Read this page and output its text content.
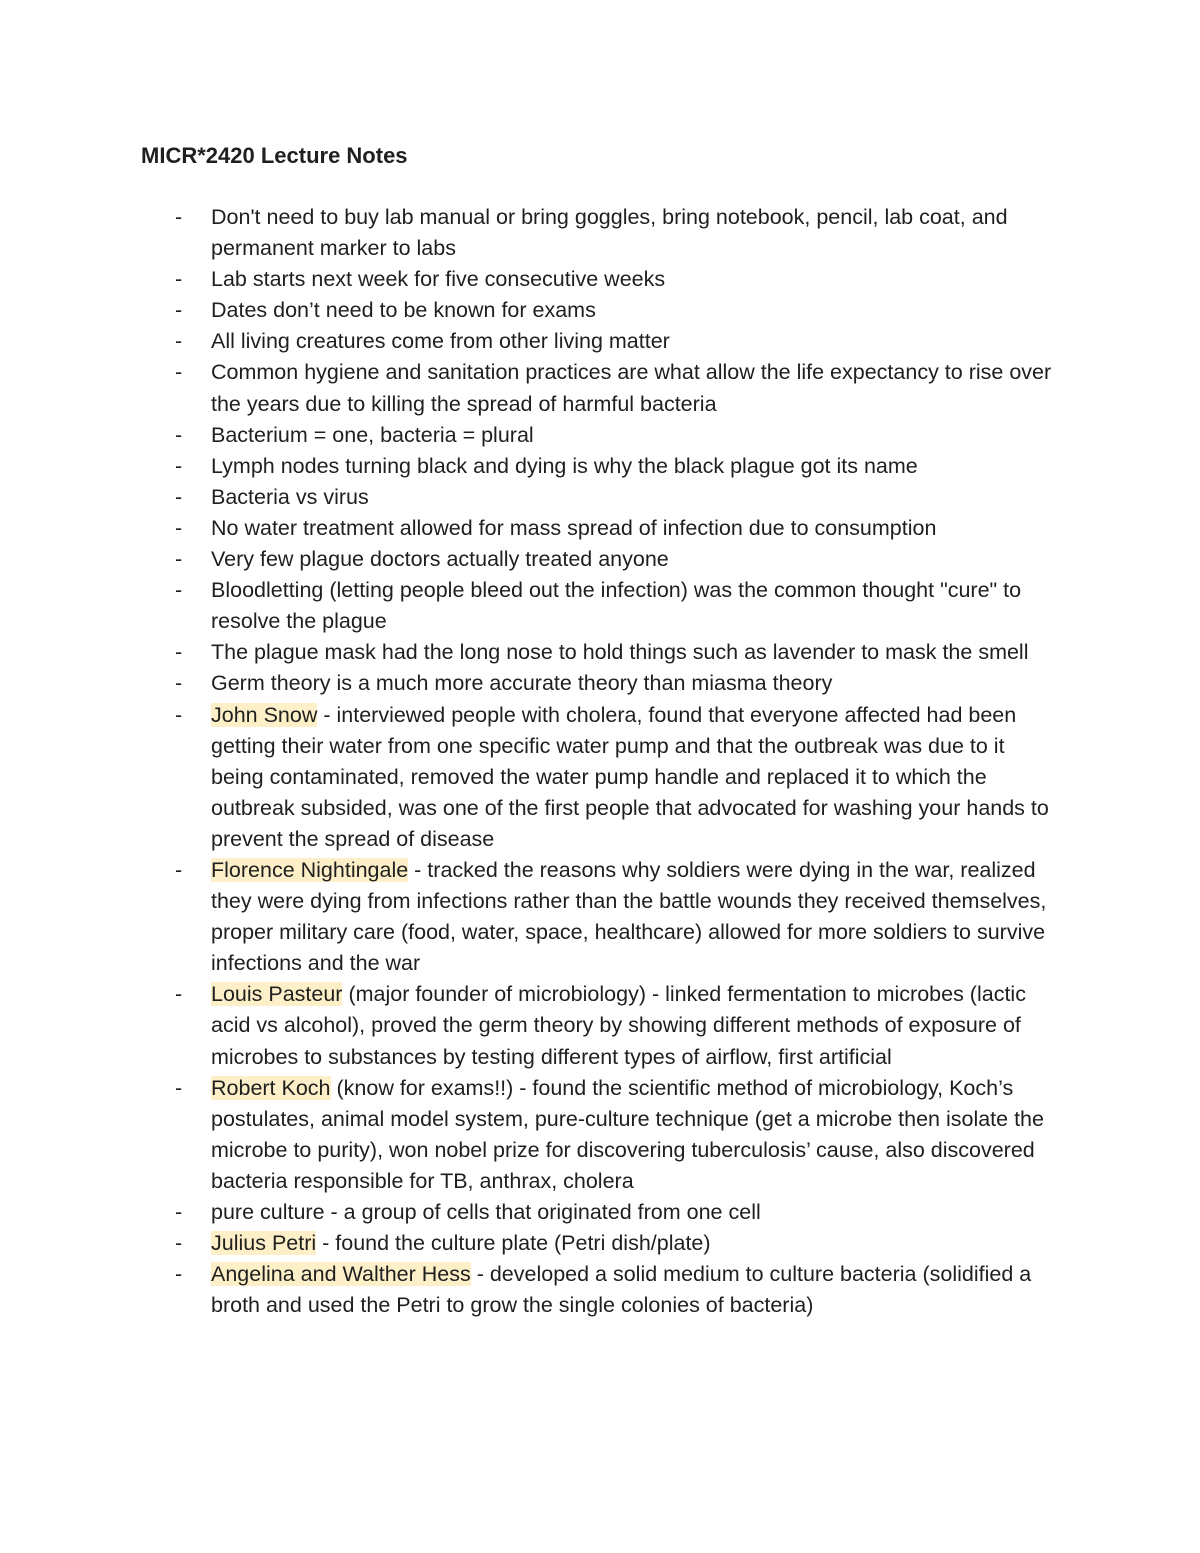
MICR*2420 Lecture Notes
- Don't need to buy lab manual or bring goggles, bring notebook, pencil, lab coat, and permanent marker to labs
- Lab starts next week for five consecutive weeks
- Dates don’t need to be known for exams
- All living creatures come from other living matter
- Common hygiene and sanitation practices are what allow the life expectancy to rise over the years due to killing the spread of harmful bacteria
- Bacterium = one, bacteria = plural
- Lymph nodes turning black and dying is why the black plague got its name
- Bacteria vs virus
- No water treatment allowed for mass spread of infection due to consumption
- Very few plague doctors actually treated anyone
- Bloodletting (letting people bleed out the infection) was the common thought "cure" to resolve the plague
- The plague mask had the long nose to hold things such as lavender to mask the smell
- Germ theory is a much more accurate theory than miasma theory
- John Snow - interviewed people with cholera, found that everyone affected had been getting their water from one specific water pump and that the outbreak was due to it being contaminated, removed the water pump handle and replaced it to which the outbreak subsided, was one of the first people that advocated for washing your hands to prevent the spread of disease
- Florence Nightingale - tracked the reasons why soldiers were dying in the war, realized they were dying from infections rather than the battle wounds they received themselves, proper military care (food, water, space, healthcare) allowed for more soldiers to survive infections and the war
- Louis Pasteur (major founder of microbiology) - linked fermentation to microbes (lactic acid vs alcohol), proved the germ theory by showing different methods of exposure of microbes to substances by testing different types of airflow, first artificial
- Robert Koch (know for exams!!) - found the scientific method of microbiology, Koch’s postulates, animal model system, pure-culture technique (get a microbe then isolate the microbe to purity), won nobel prize for discovering tuberculosis’ cause, also discovered bacteria responsible for TB, anthrax, cholera
- pure culture - a group of cells that originated from one cell
- Julius Petri - found the culture plate (Petri dish/plate)
- Angelina and Walther Hess - developed a solid medium to culture bacteria (solidified a broth and used the Petri to grow the single colonies of bacteria)
